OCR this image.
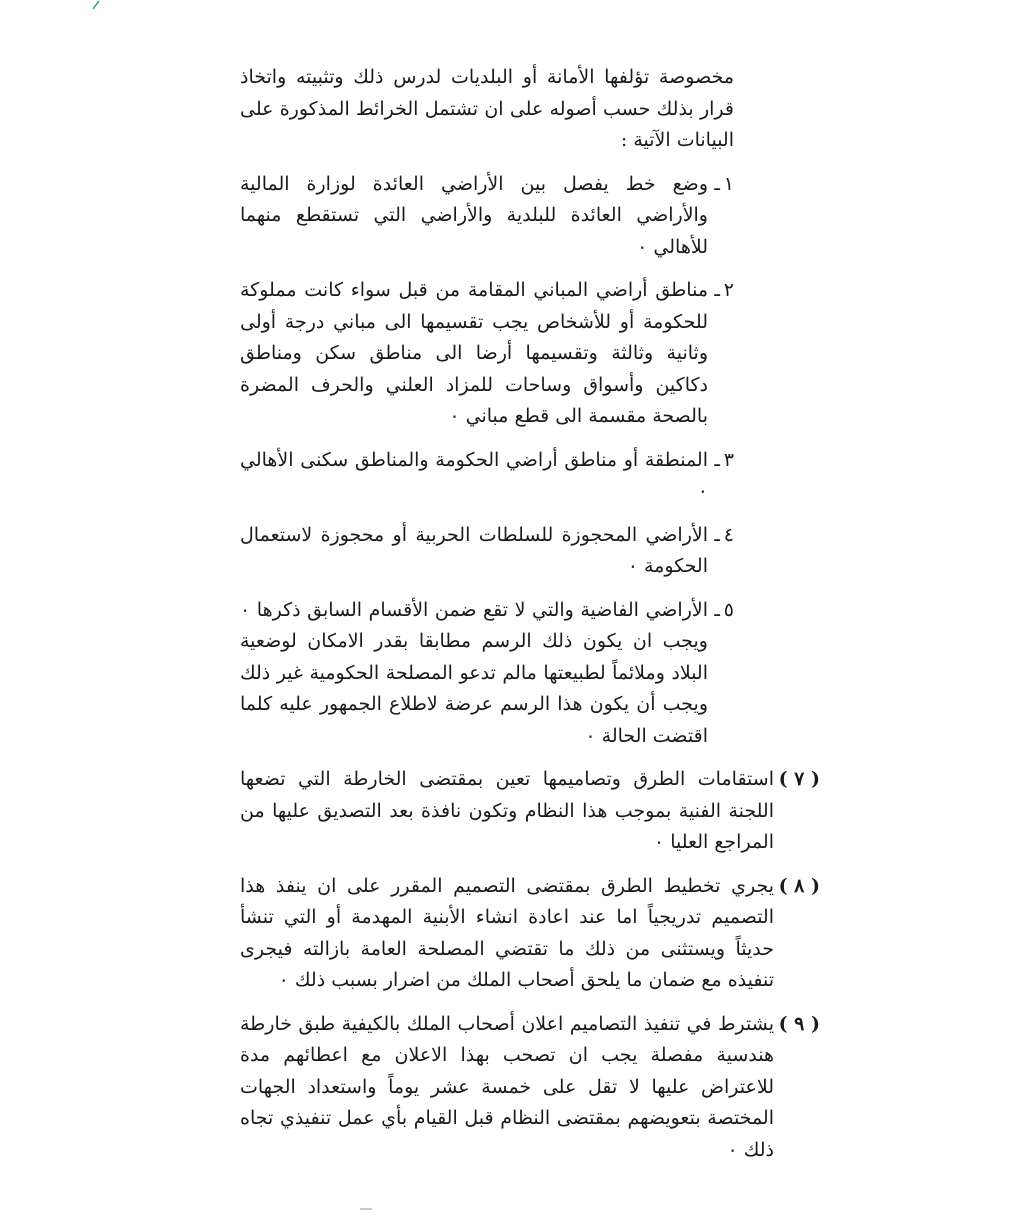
مخصوصة تؤلفها الأمانة أو البلديات لدرس ذلك وتثبيته واتخاذ قرار بذلك حسب أصوله على ان تشتمل الخرائط المذكورة على البيانات الآتية :

١
ـ
وضع خط يفصل بين الأراضي العائدة لوزارة المالية والأراضي العائدة للبلدية والأراضي التي تستقطع منهما للأهالي ٠
٢
ـ
مناطق أراضي المباني المقامة من قبل سواء كانت مملوكة للحكومة أو للأشخاص يجب تقسيمها الى مباني درجة أولى وثانية وثالثة وتقسيمها أرضا الى مناطق سكن ومناطق دكاكين وأسواق وساحات للمزاد العلني والحرف المضرة بالصحة مقسمة الى قطع مباني ٠
٣
ـ
المنطقة أو مناطق أراضي الحكومة والمناطق سكنى الأهالي ٠
٤
ـ
الأراضي المحجوزة للسلطات الحربية أو محجوزة لاستعمال الحكومة ٠
٥
ـ
الأراضي الفاضية والتي لا تقع ضمن الأقسام السابق ذكرها ٠ ويجب ان يكون ذلك الرسم مطابقا بقدر الامكان لوضعية البلاد وملائماً لطبيعتها مالم تدعو المصلحة الحكومية غير ذلك ويجب أن يكون هذا الرسم عرضة لاطلاع الجمهور عليه كلما اقتضت الحالة ٠
( ٧ )
استقامات الطرق وتصاميمها تعين بمقتضى الخارطة التي تضعها اللجنة الفنية بموجب هذا النظام وتكون نافذة بعد التصديق عليها من المراجع العليا ٠
( ٨ )
يجري تخطيط الطرق بمقتضى التصميم المقرر على ان ينفذ هذا التصميم تدريجياً اما عند اعادة انشاء الأبنية المهدمة أو التي تنشأ حديثاً ويستثنى من ذلك ما تقتضي المصلحة العامة بازالته فيجرى تنفيذه مع ضمان ما يلحق أصحاب الملك من اضرار بسبب ذلك ٠
( ٩ )
يشترط في تنفيذ التصاميم اعلان أصحاب الملك بالكيفية طبق خارطة هندسية مفصلة يجب ان تصحب بهذا الاعلان مع اعطائهم مدة للاعتراض عليها لا تقل على خمسة عشر يوماً واستعداد الجهات المختصة بتعويضهم بمقتضى النظام قبل القيام بأي عمل تنفيذي تجاه ذلك ٠
